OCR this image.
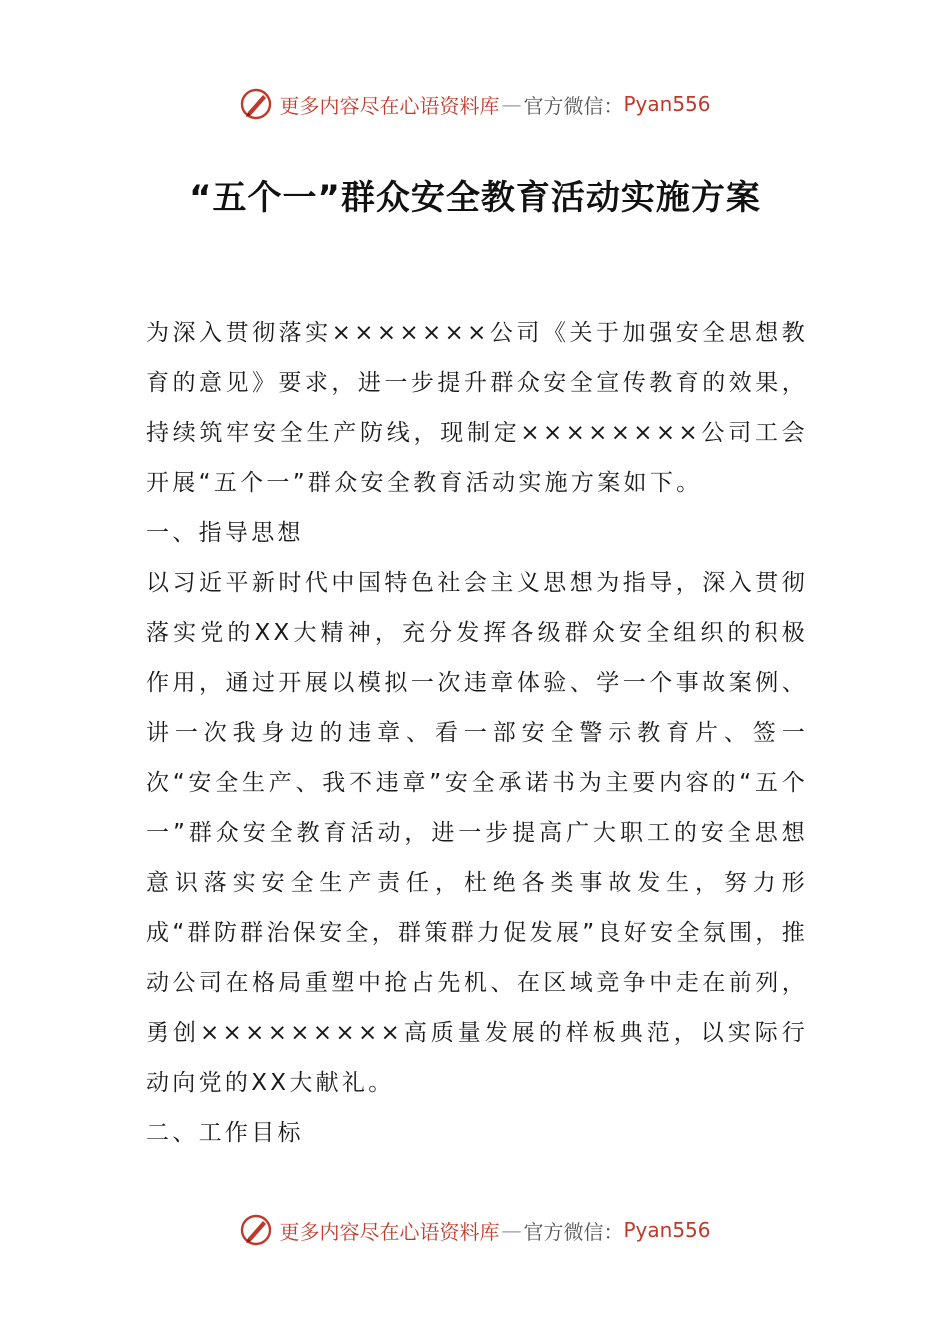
更多内容尽在心语资料库 — 官方微信： Pyan556
“五个一”群众安全教育活动实施方案

为深入贯彻落实×××××××公司《关于加强安全思想教育的意见》要求，进一步提升群众安全宣传教育的效果，持续筑牢安全生产防线，现制定××××××××公司工会开展“五个一”群众安全教育活动实施方案如下。

一、指导思想

以习近平新时代中国特色社会主义思想为指导，深入贯彻落实党的XX大精神，充分发挥各级群众安全组织的积极作用，通过开展以模拟一次违章体验、学一个事故案例、讲一次我身边的违章、看一部安全警示教育片、签一次“安全生产、我不违章”安全承诺书为主要内容的“五个一”群众安全教育活动，进一步提高广大职工的安全思想意识落实安全生产责任，杜绝各类事故发生，努力形成“群防群治保安全，群策群力促发展”良好安全氛围，推动公司在格局重塑中抢占先机、在区域竞争中走在前列，勇创×××××××××高质量发展的样板典范，以实际行动向党的XX大献礼。

二、工作目标

更多内容尽在心语资料库 — 官方微信： Pyan556
